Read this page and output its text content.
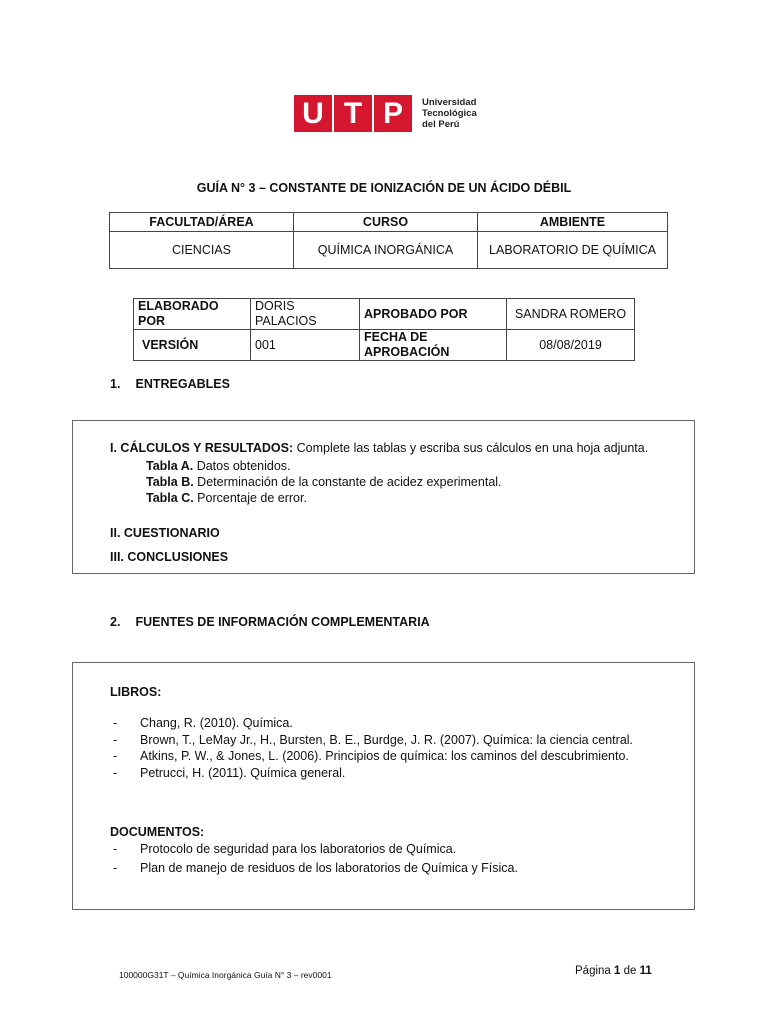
U T P	Universidad
Tecnológica
del Perú
GUÍA N° 3 – CONSTANTE DE IONIZACIÓN DE UN ÁCIDO DÉBIL
FACULTAD/ÁREA	CURSO	AMBIENTE
CIENCIAS	QUÍMICA INORGÁNICA	LABORATORIO DE QUÍMICA
ELABORADO POR	DORIS PALACIOS	APROBADO POR	SANDRA ROMERO
VERSIÓN	001	FECHA DE APROBACIÓN	08/08/2019
1. ENTREGABLES
I. CÁLCULOS Y RESULTADOS: Complete las tablas y escriba sus cálculos en una hoja adjunta.
Tabla A. Datos obtenidos.
Tabla B. Determinación de la constante de acidez experimental.
Tabla C. Porcentaje de error.
II. CUESTIONARIO
III. CONCLUSIONES
2. FUENTES DE INFORMACIÓN COMPLEMENTARIA
LIBROS:
- Chang, R. (2010). Química.
- Brown, T., LeMay Jr., H., Bursten, B. E., Burdge, J. R. (2007). Química: la ciencia central.
- Atkins, P. W., & Jones, L. (2006). Principios de química: los caminos del descubrimiento.
- Petrucci, H. (2011). Química general.
DOCUMENTOS:
- Protocolo de seguridad para los laboratorios de Química.
- Plan de manejo de residuos de los laboratorios de Química y Física.
100000G31T – Química Inorgánica Guía N° 3 – rev0001	Página 1 de 11
